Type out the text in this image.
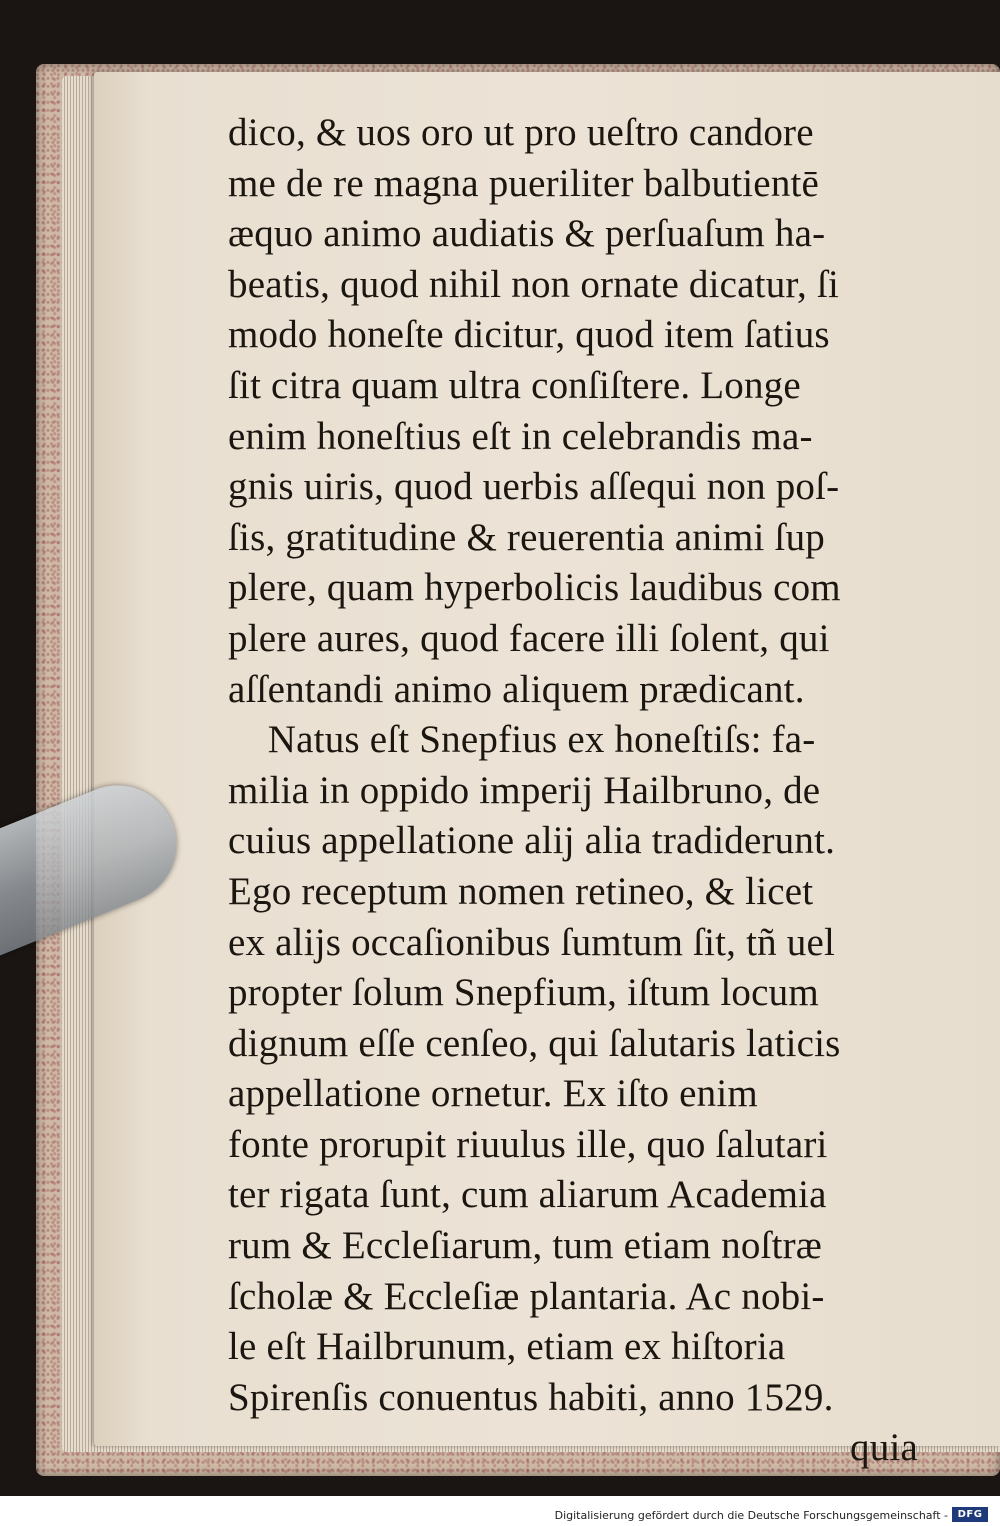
dico, & uos oro ut pro ueſtro candore
me de re magna pueriliter balbutientē
æquo animo audiatis & perſuaſum ha-
beatis, quod nihil non ornate dicatur, ſi
modo honeſte dicitur, quod item ſatius
ſit citra quam ultra conſiſtere. Longe
enim honeſtius eſt in celebrandis ma-
gnis uiris, quod uerbis aſſequi non poſ-
ſis, gratitudine & reuerentia animi ſup
plere, quam hyperbolicis laudibus com
plere aures, quod facere illi ſolent, qui
aſſentandi animo aliquem prædicant.
Natus eſt Snepfius ex honeſtiſs: fa-
milia in oppido imperij Hailbruno, de
cuius appellatione alij alia tradiderunt.
Ego receptum nomen retineo, & licet
ex alijs occaſionibus ſumtum ſit, tñ uel
propter ſolum Snepfium, iſtum locum
dignum eſſe cenſeo, qui ſalutaris laticis
appellatione ornetur. Ex iſto enim
fonte prorupit riuulus ille, quo ſalutari
ter rigata ſunt, cum aliarum Academia
rum & Eccleſiarum, tum etiam noſtræ
ſcholæ & Eccleſiæ plantaria. Ac nobi-
le eſt Hailbrunum, etiam ex hiſtoria
Spirenſis conuentus habiti, anno 1529.
quia
Digitalisierung gefördert durch die Deutsche Forschungsgemeinschaft - DFG
